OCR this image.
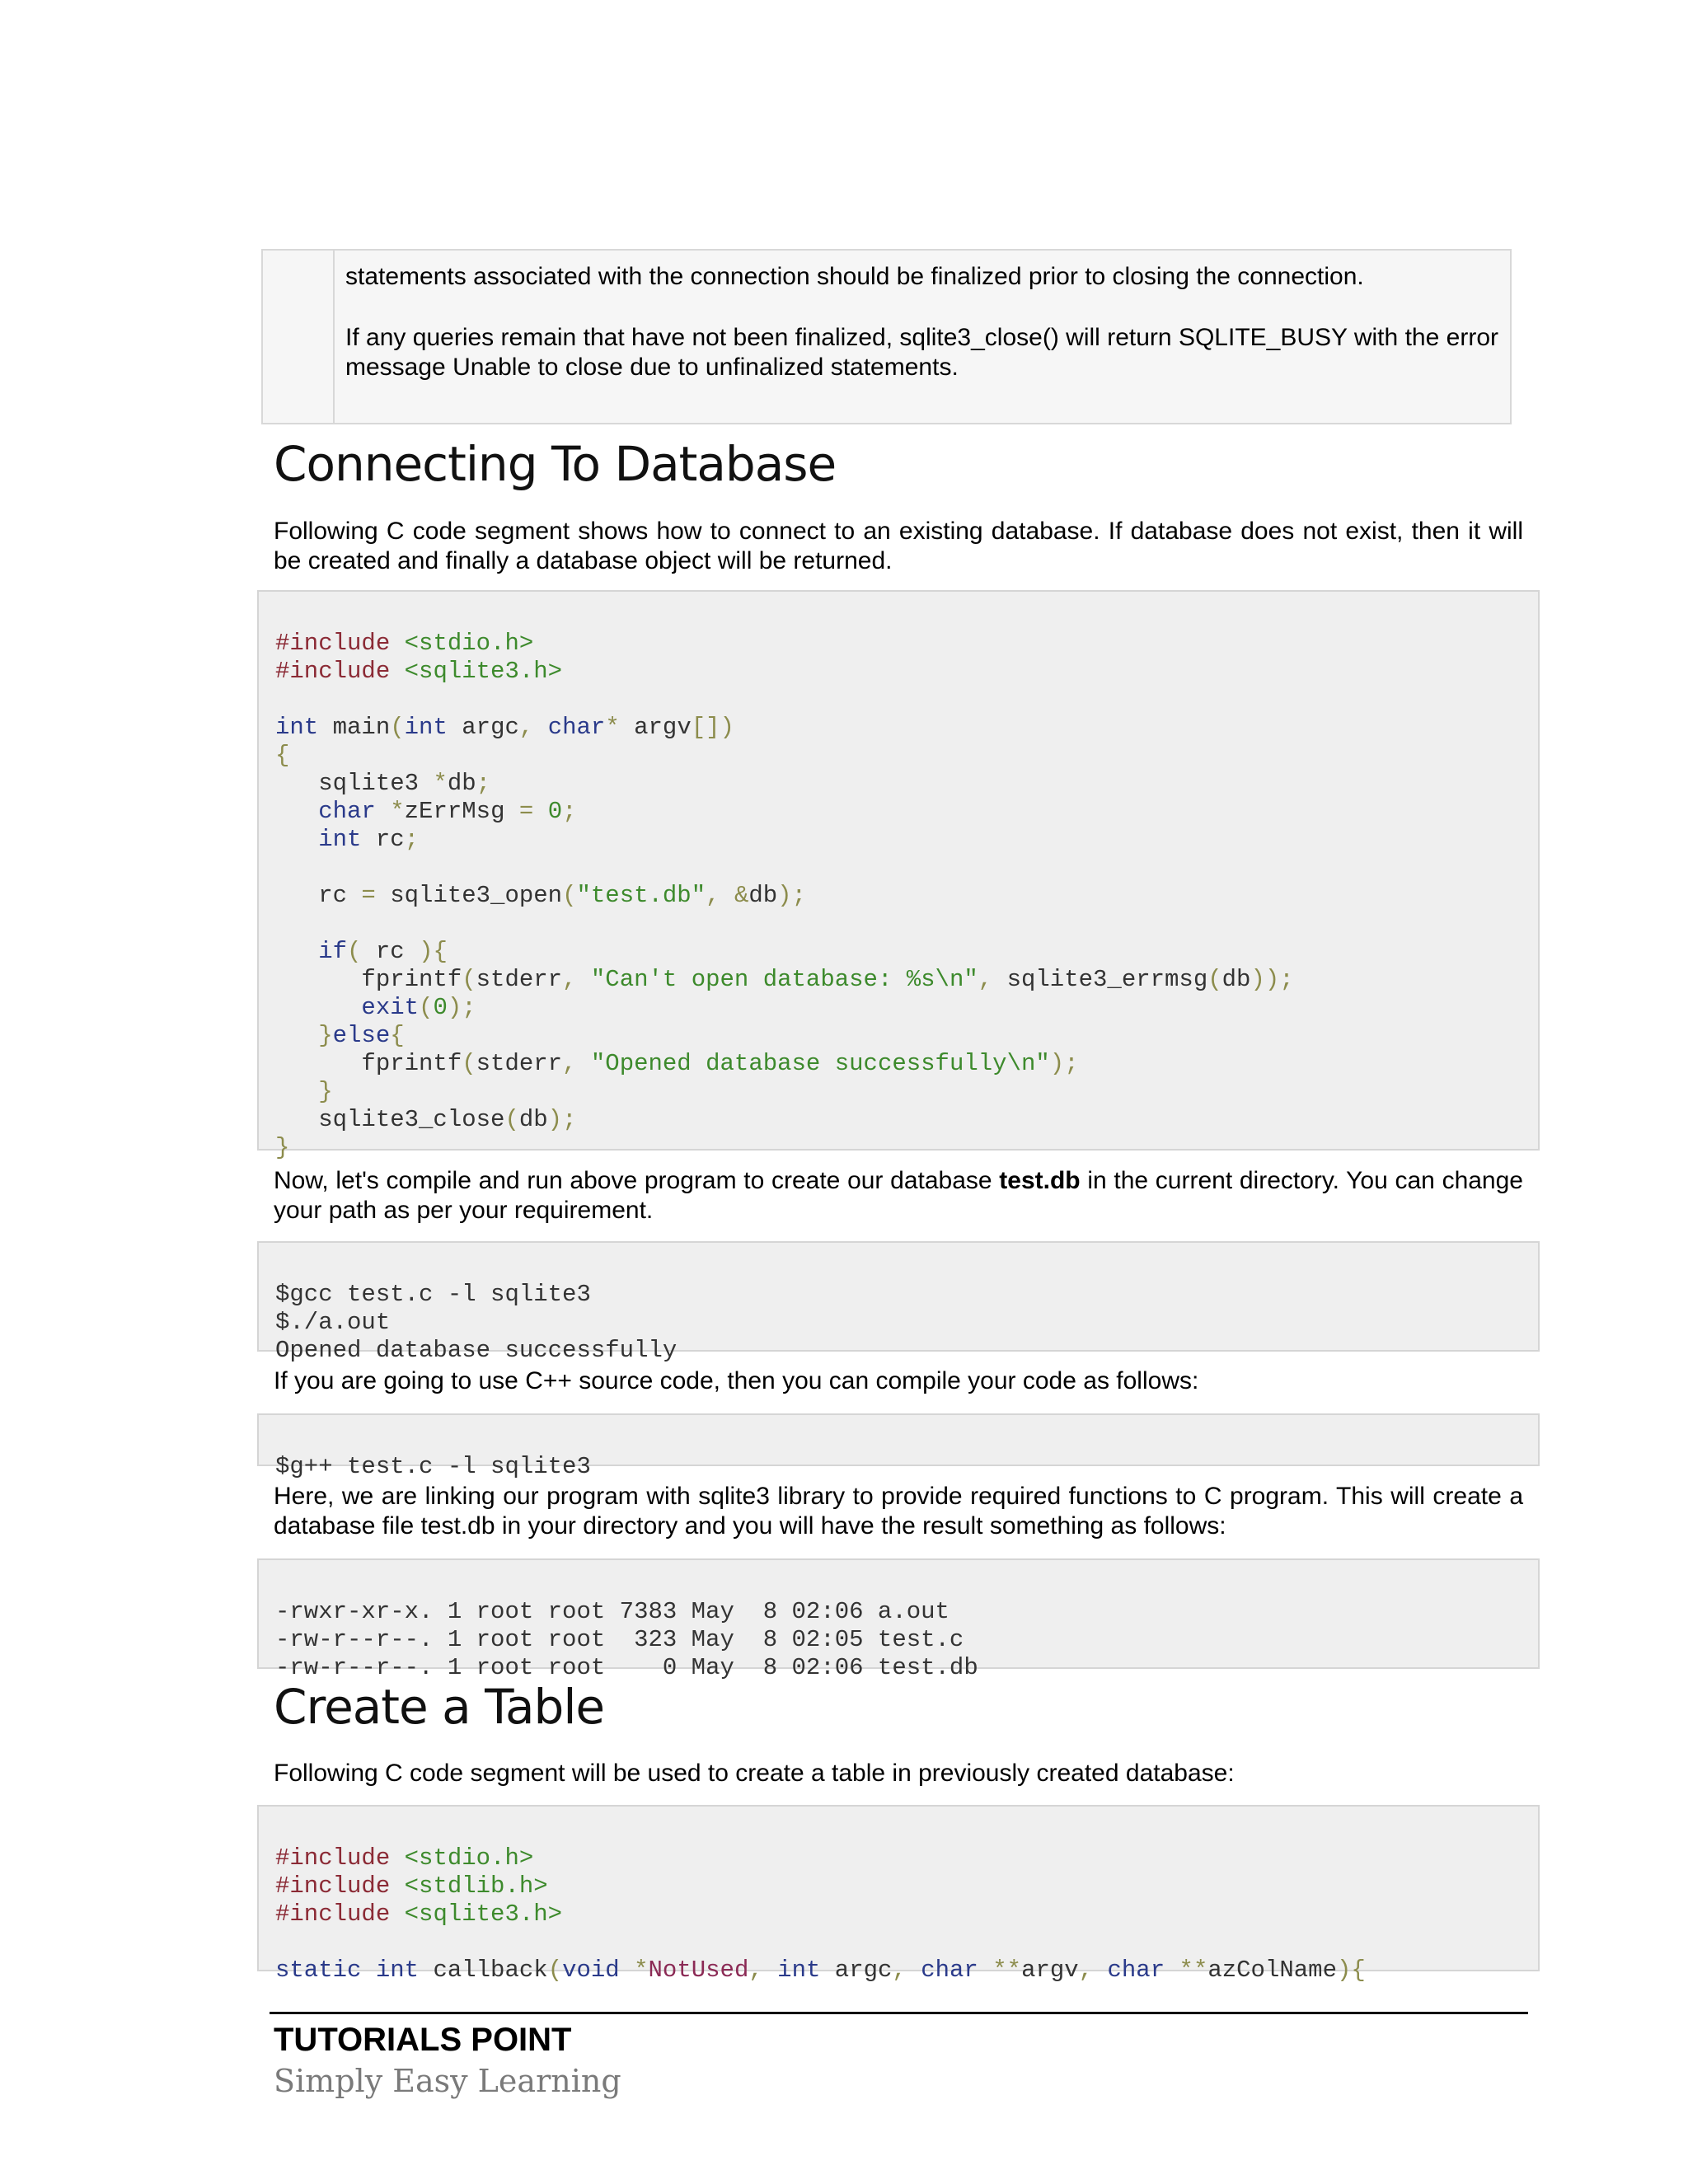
statements associated with the connection should be finalized prior to closing the connection.

If any queries remain that have not been finalized, sqlite3_close() will return SQLITE_BUSY with the error message Unable to close due to unfinalized statements.

Connecting To Database

Following C code segment shows how to connect to an existing database. If database does not exist, then it will be created and finally a database object will be returned.

#include <stdio.h>
#include <sqlite3.h>
int main(int argc, char* argv[])
{
sqlite3 *db;
char *zErrMsg = 0;
int rc;
rc = sqlite3_open("test.db", &db);
if( rc ){
fprintf(stderr, "Can't open database: %s\n", sqlite3_errmsg(db));
exit(0);
}else{
fprintf(stderr, "Opened database successfully\n");
}
sqlite3_close(db);
}

Now, let's compile and run above program to create our database test.db in the current directory. You can change your path as per your requirement.

$gcc test.c -l sqlite3
$./a.out
Opened database successfully

If you are going to use C++ source code, then you can compile your code as follows:

$g++ test.c -l sqlite3

Here, we are linking our program with sqlite3 library to provide required functions to C program. This will create a database file test.db in your directory and you will have the result something as follows:

-rwxr-xr-x. 1 root root 7383 May  8 02:06 a.out
-rw-r--r--. 1 root root  323 May  8 02:05 test.c
-rw-r--r--. 1 root root    0 May  8 02:06 test.db

Create a Table

Following C code segment will be used to create a table in previously created database:

#include <stdio.h>
#include <stdlib.h>
#include <sqlite3.h>
static int callback(void *NotUsed, int argc, char **argv, char **azColName){

TUTORIALS POINT
Simply Easy Learning
